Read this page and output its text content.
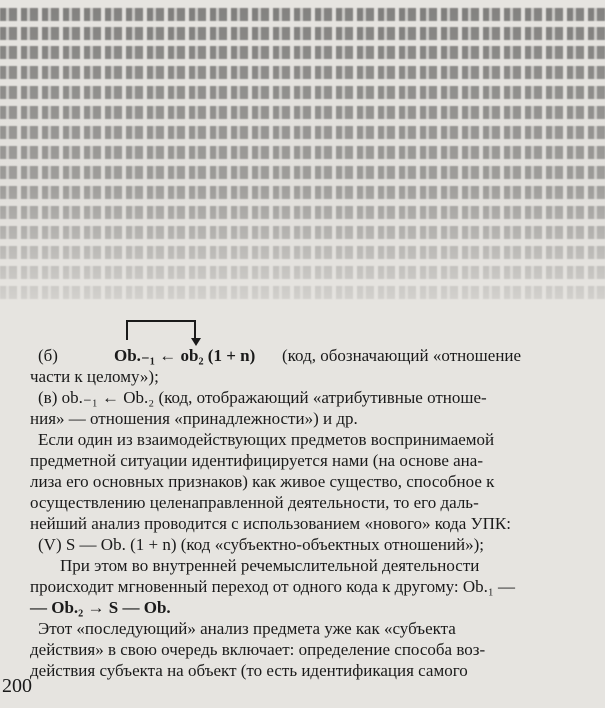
(б)	Ob.₋₁ ← ob₂ (1 + n) (код, обозначающий «отношение
части к целому»);
(в) ob.₋₁ ← Ob.₂ (код, отображающий «атрибутивные отноше-
ния» — отношения «принадлежности») и др.
Если один из взаимодействующих предметов воспринимаемой
предметной ситуации идентифицируется нами (на основе ана-
лиза его основных признаков) как живое существо, способное к
осуществлению целенаправленной деятельности, то его даль-
нейший анализ проводится с использованием «нового» кода УПК:
(V) S — Ob. (1 + n) (код «субъектно-объектных отношений»);
При этом во внутренней речемыслительной деятельности
происходит мгновенный переход от одного кода к другому: Ob.₁ —
— Ob.₂ → S — Ob.
Этот «последующий» анализ предмета уже как «субъекта
действия» в свою очередь включает: определение способа воз-
действия субъекта на объект (то есть идентификация самого
200
